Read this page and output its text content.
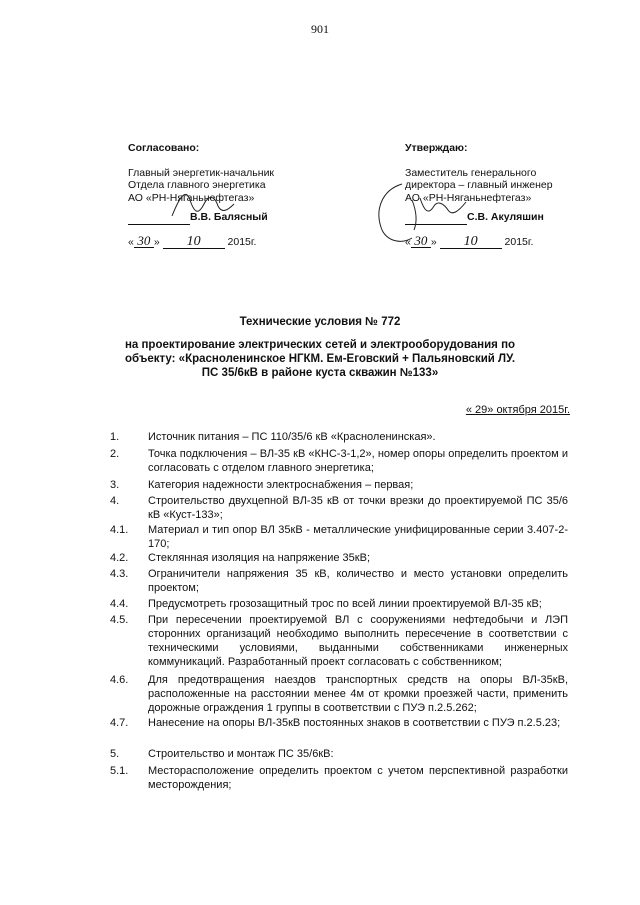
901
Согласовано:
Главный энергетик-начальник
Отдела главного энергетика
АО «РН-Няганьнефтегаз»
В.В. Балясный
« 30 » 10	2015г.
Утверждаю:
Заместитель генерального
директора – главный инженер
АО «РН-Няганьнефтегаз»
С.В. Акуляшин
« 30 » 10	2015г.
Технические условия № 772
на проектирование электрических сетей и электрооборудования по
объекту: «Красноленинское НГКМ. Ем-Еговский + Пальяновский ЛУ.
ПС 35/6кВ в районе куста скважин №133»
« 29» октября 2015г.
1.	Источник питания – ПС 110/35/6 кВ «Красноленинская».
2.	Точка подключения – ВЛ-35 кВ «КНС-3-1,2», номер опоры определить проектом и согласовать с отделом главного энергетика;
3.	Категория надежности электроснабжения – первая;
4.	Строительство двухцепной ВЛ-35 кВ от точки врезки до проектируемой ПС 35/6 кВ «Куст-133»;
4.1.	Материал и тип опор ВЛ 35кВ - металлические унифицированные серии 3.407-2-170;
4.2.	Стеклянная изоляция на напряжение 35кВ;
4.3.	Ограничители напряжения 35 кВ, количество и место установки определить проектом;
4.4.	Предусмотреть грозозащитный трос по всей линии проектируемой ВЛ-35 кВ;
4.5.	При пересечении проектируемой ВЛ с сооружениями нефтедобычи и ЛЭП сторонних организаций необходимо выполнить пересечение в соответствии с техническими условиями, выданными собственниками инженерных коммуникаций. Разработанный проект согласовать с собственником;
4.6.	Для предотвращения наездов транспортных средств на опоры ВЛ-35кВ, расположенные на расстоянии менее 4м от кромки проезжей части, применить дорожные ограждения 1 группы в соответствии с ПУЭ п.2.5.262;
4.7.	Нанесение на опоры ВЛ-35кВ постоянных знаков в соответствии с ПУЭ п.2.5.23;
5.	Строительство и монтаж ПС 35/6кВ:
5.1.	Месторасположение определить проектом с учетом перспективной разработки месторождения;
